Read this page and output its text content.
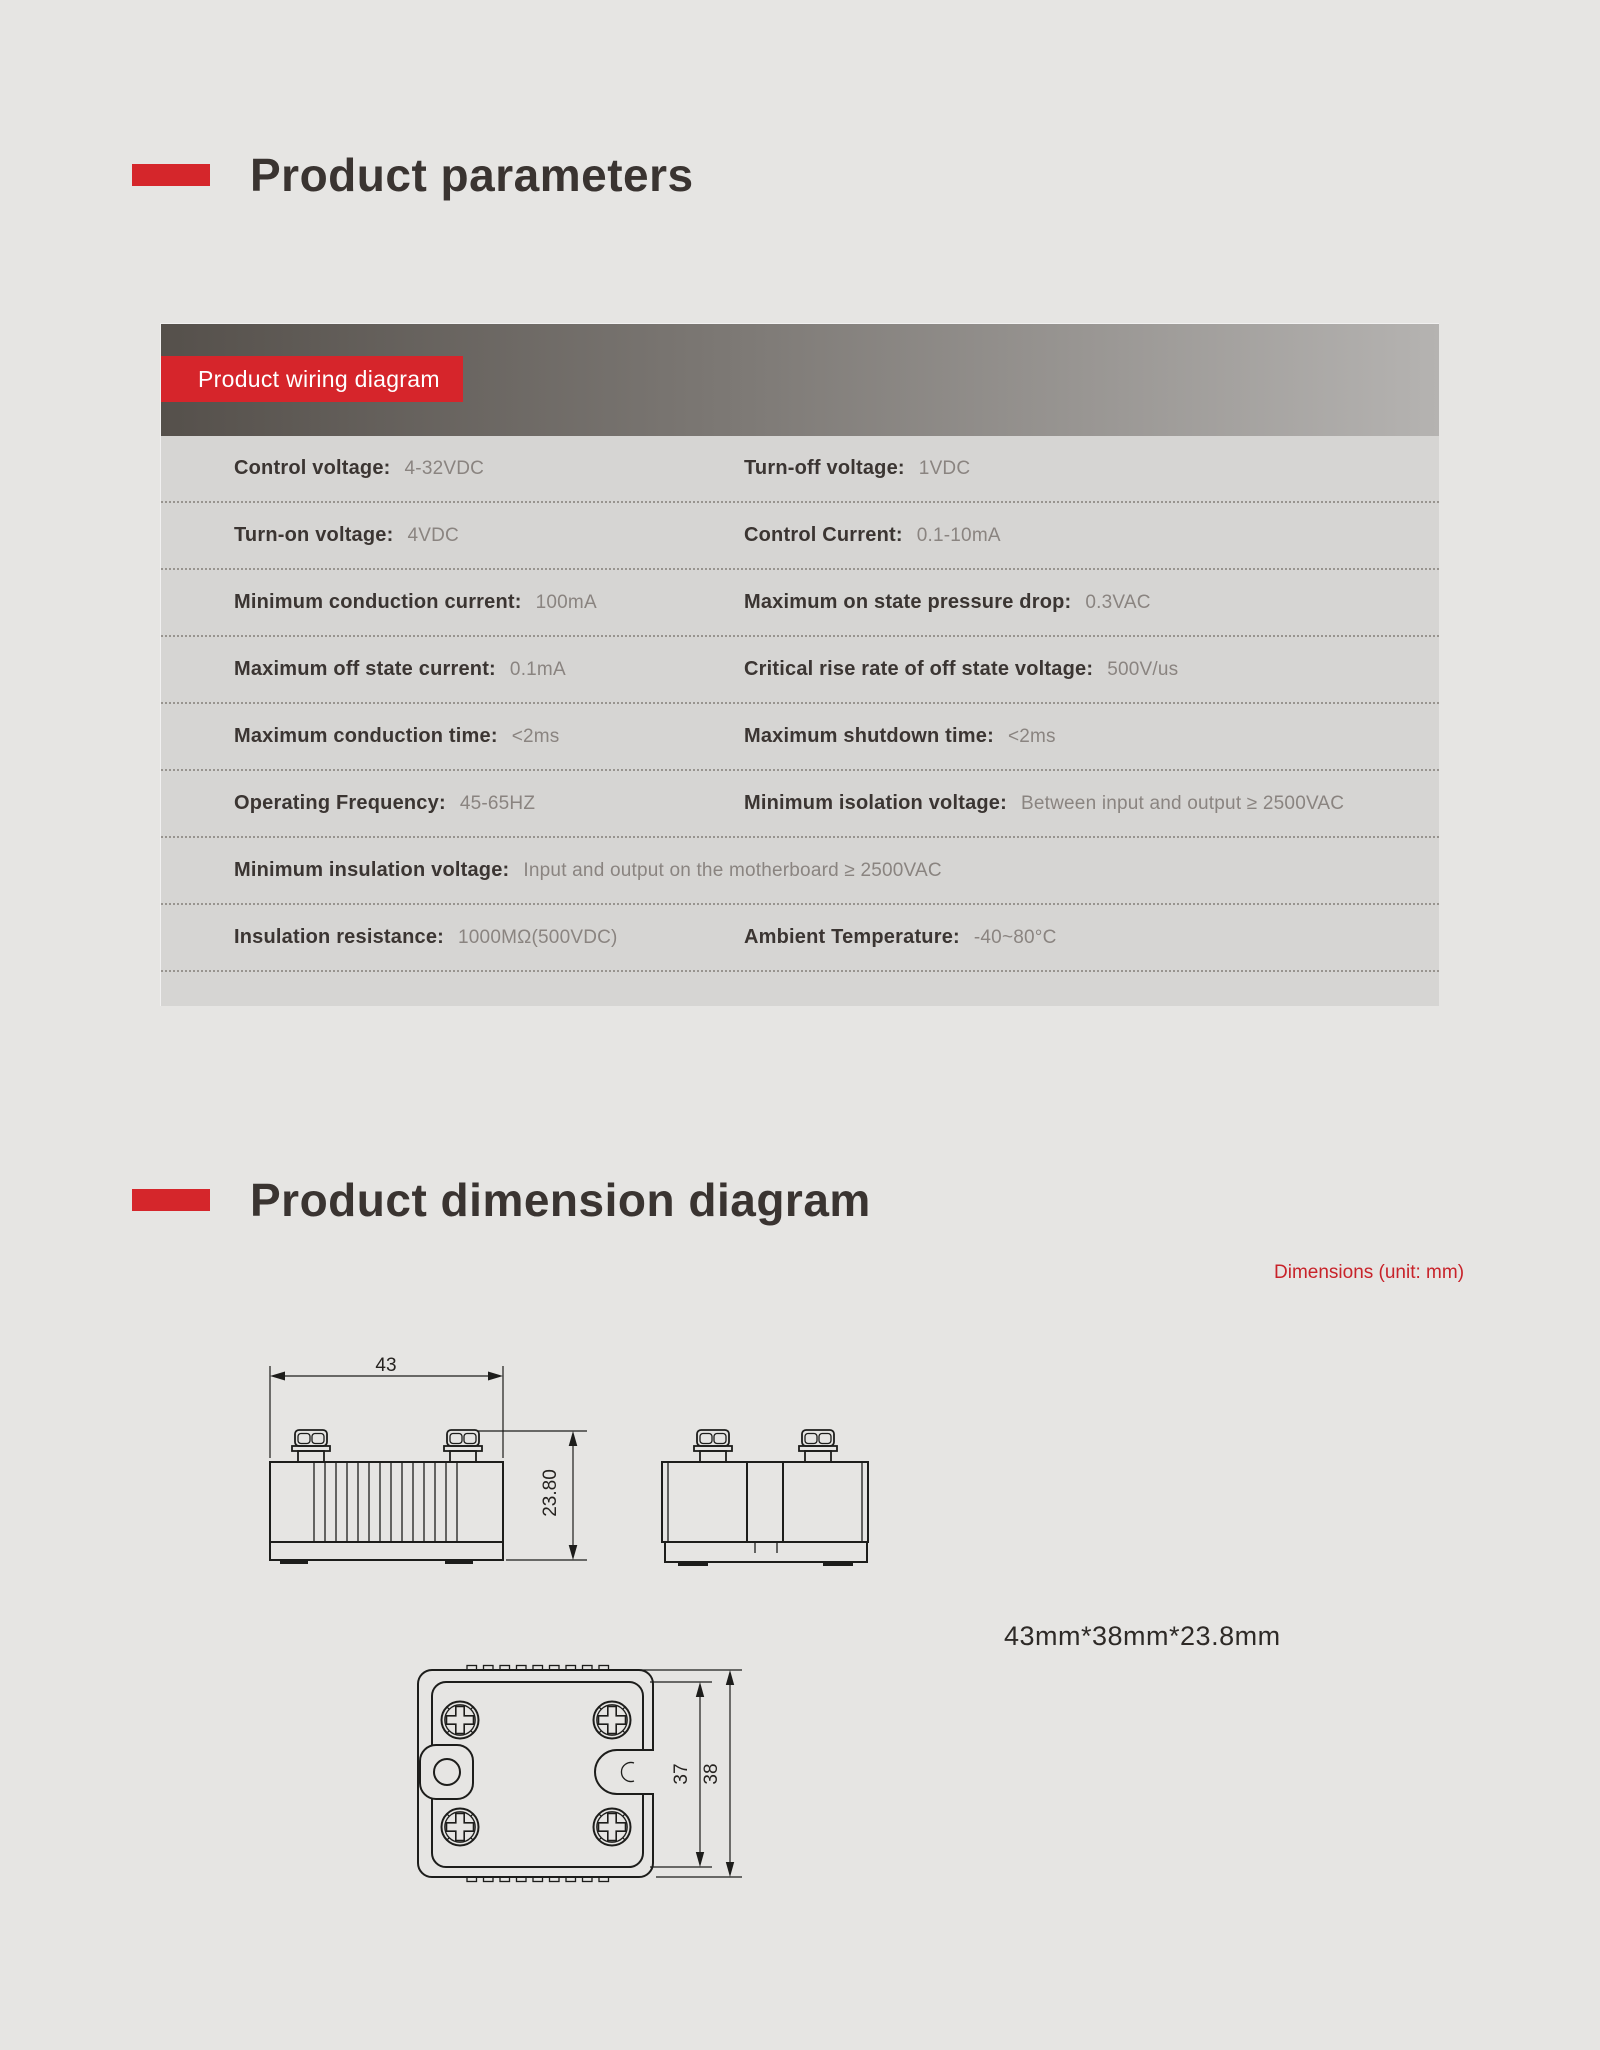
Product parameters
Product wiring diagram
Control voltage: 4-32VDC	Turn-off voltage: 1VDC
Turn-on voltage: 4VDC	Control Current: 0.1-10mA
Minimum conduction current: 100mA	Maximum on state pressure drop: 0.3VAC
Maximum off state current: 0.1mA	Critical rise rate of off state voltage: 500V/us
Maximum conduction time: <2ms	Maximum shutdown time: <2ms
Operating Frequency: 45-65HZ	Minimum isolation voltage: Between input and output ≥ 2500VAC
Minimum insulation voltage: Input and output on the motherboard ≥ 2500VAC
Insulation resistance: 1000MΩ(500VDC)	Ambient Temperature: -40~80°C
Product dimension diagram
Dimensions (unit: mm)
43mm*38mm*23.8mm
43
23.80
37 38
